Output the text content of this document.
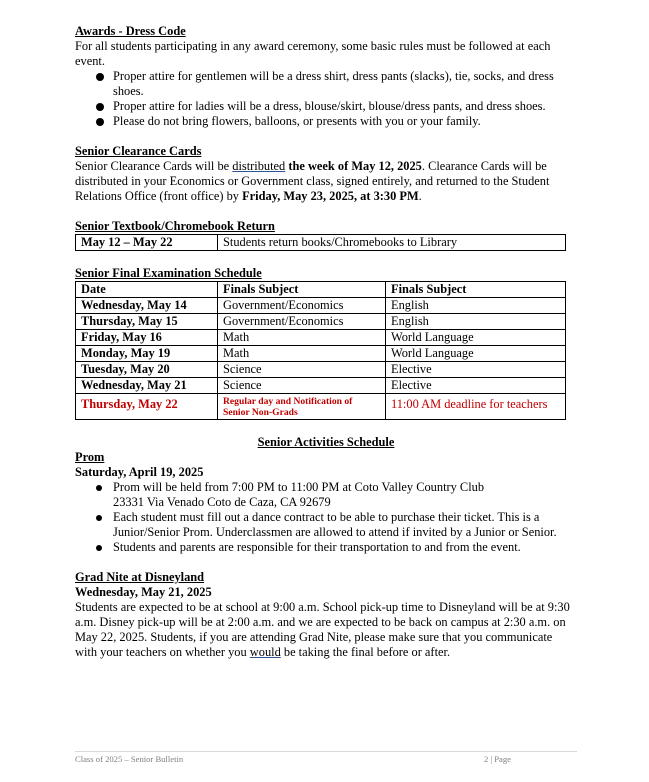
Awards - Dress Code

For all students participating in any award ceremony, some basic rules must be followed at each event.

Proper attire for gentlemen will be a dress shirt, dress pants (slacks), tie, socks, and dress shoes.
Proper attire for ladies will be a dress, blouse/skirt, blouse/dress pants, and dress shoes.
Please do not bring flowers, balloons, or presents with you or your family.

Senior Clearance Cards

Senior Clearance Cards will be distributed the week of May 12, 2025. Clearance Cards will be distributed in your Economics or Government class, signed entirely, and returned to the Student Relations Office (front office) by Friday, May 23, 2025, at 3:30 PM.

Senior Textbook/Chromebook Return

May 12 – May 22	Students return books/Chromebooks to Library

Senior Final Examination Schedule

Date	Finals Subject	Finals Subject
Wednesday, May 14	Government/Economics	English
Thursday, May 15	Government/Economics	English
Friday, May 16	Math	World Language
Monday, May 19	Math	World Language
Tuesday, May 20	Science	Elective
Wednesday, May 21	Science	Elective
Thursday, May 22	Regular day and Notification of Senior Non-Grads	11:00 AM deadline for teachers

Senior Activities Schedule

Prom

Saturday, April 19, 2025

Prom will be held from 7:00 PM to 11:00 PM at Coto Valley Country Club
23331 Via Venado Coto de Caza, CA 92679
Each student must fill out a dance contract to be able to purchase their ticket. This is a Junior/Senior Prom. Underclassmen are allowed to attend if invited by a Junior or Senior.
Students and parents are responsible for their transportation to and from the event.

Grad Nite at Disneyland

Wednesday, May 21, 2025

Students are expected to be at school at 9:00 a.m. School pick-up time to Disneyland will be at 9:30 a.m. Disney pick-up will be at 2:00 a.m. and we are expected to be back on campus at 2:30 a.m. on May 22, 2025. Students, if you are attending Grad Nite, please make sure that you communicate with your teachers on whether you would be taking the final before or after.

Class of 2025 – Senior Bulletin	2 | Page
